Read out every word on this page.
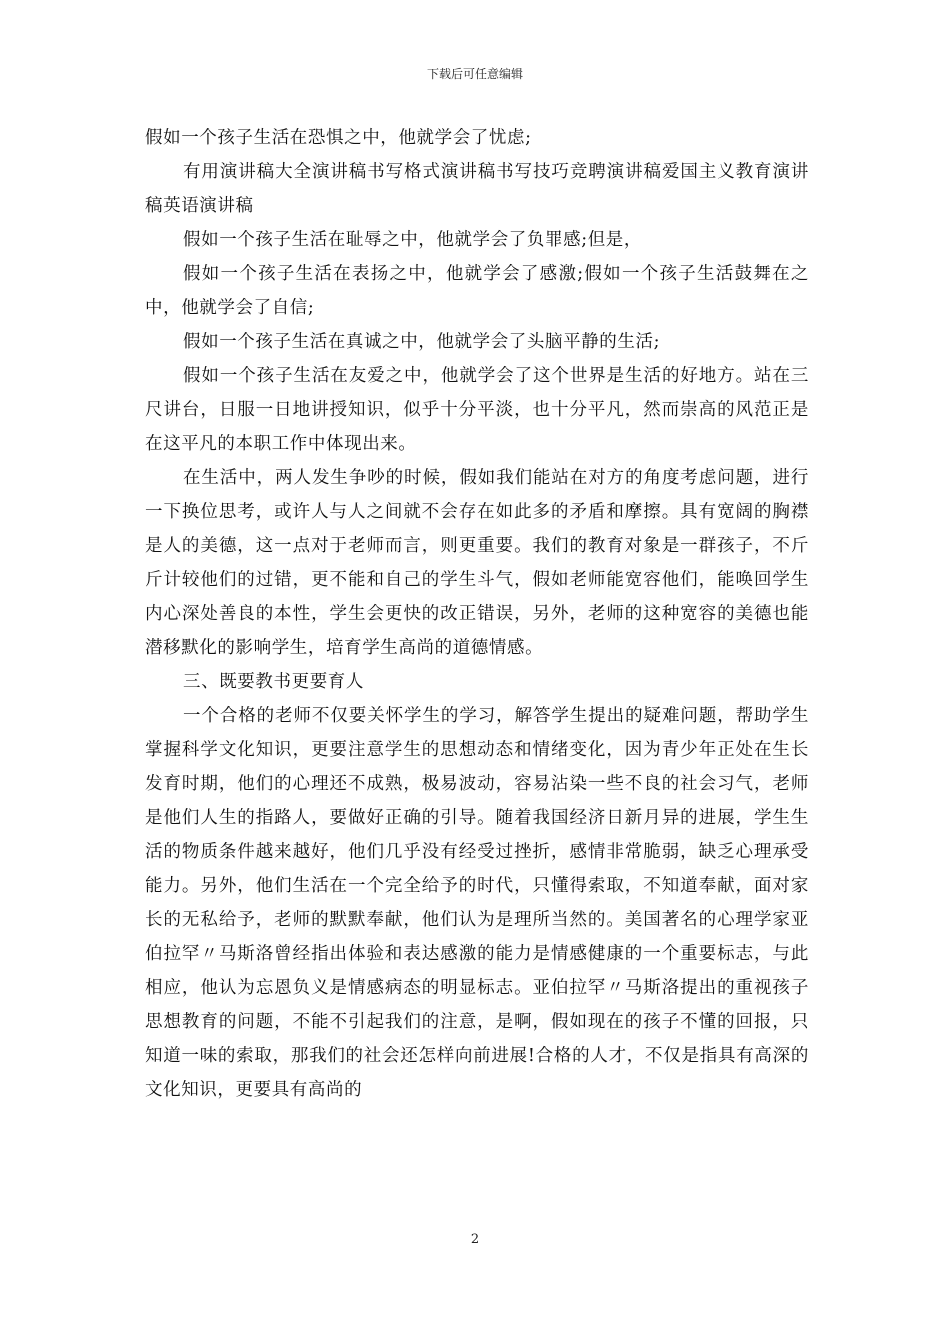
下载后可任意编辑

假如一个孩子生活在恐惧之中，他就学会了忧虑;

有用演讲稿大全演讲稿书写格式演讲稿书写技巧竞聘演讲稿爱国主义教育演讲稿英语演讲稿

假如一个孩子生活在耻辱之中，他就学会了负罪感;但是，

假如一个孩子生活在表扬之中，他就学会了感激;假如一个孩子生活鼓舞在之中，他就学会了自信;

假如一个孩子生活在真诚之中，他就学会了头脑平静的生活;

假如一个孩子生活在友爱之中，他就学会了这个世界是生活的好地方。站在三尺讲台，日服一日地讲授知识，似乎十分平淡，也十分平凡，然而崇高的风范正是在这平凡的本职工作中体现出来。

在生活中，两人发生争吵的时候，假如我们能站在对方的角度考虑问题，进行一下换位思考，或许人与人之间就不会存在如此多的矛盾和摩擦。具有宽阔的胸襟是人的美德，这一点对于老师而言，则更重要。我们的教育对象是一群孩子，不斤斤计较他们的过错，更不能和自己的学生斗气，假如老师能宽容他们，能唤回学生内心深处善良的本性，学生会更快的改正错误，另外，老师的这种宽容的美德也能潜移默化的影响学生，培育学生高尚的道德情感。

三、既要教书更要育人

一个合格的老师不仅要关怀学生的学习，解答学生提出的疑难问题，帮助学生掌握科学文化知识，更要注意学生的思想动态和情绪变化，因为青少年正处在生长发育时期，他们的心理还不成熟，极易波动，容易沾染一些不良的社会习气，老师是他们人生的指路人，要做好正确的引导。随着我国经济日新月异的进展，学生生活的物质条件越来越好，他们几乎没有经受过挫折，感情非常脆弱，缺乏心理承受能力。另外，他们生活在一个完全给予的时代，只懂得索取，不知道奉献，面对家长的无私给予，老师的默默奉献，他们认为是理所当然的。美国著名的心理学家亚伯拉罕〃马斯洛曾经指出体验和表达感激的能力是情感健康的一个重要标志，与此相应，他认为忘恩负义是情感病态的明显标志。亚伯拉罕〃马斯洛提出的重视孩子思想教育的问题，不能不引起我们的注意，是啊，假如现在的孩子不懂的回报，只知道一味的索取，那我们的社会还怎样向前进展!合格的人才，不仅是指具有高深的文化知识，更要具有高尚的

2
